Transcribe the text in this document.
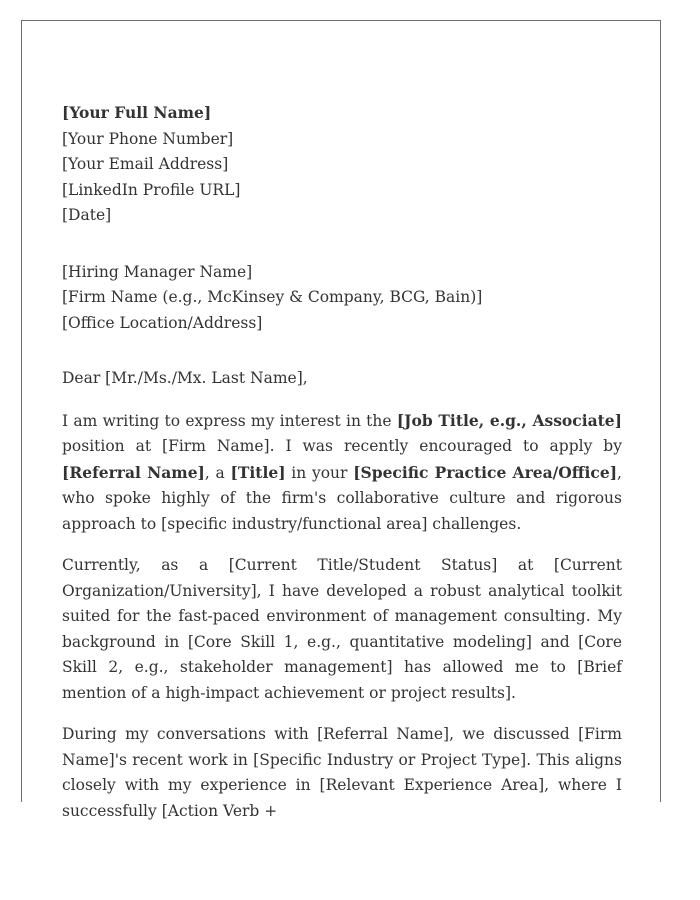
[Your Full Name]
[Your Phone Number]
[Your Email Address]
[LinkedIn Profile URL]
[Date]
[Hiring Manager Name]
[Firm Name (e.g., McKinsey & Company, BCG, Bain)]
[Office Location/Address]

Dear [Mr./Ms./Mx. Last Name],

I am writing to express my interest in the [Job Title, e.g., Associate] position at [Firm Name]. I was recently encouraged to apply by [Referral Name], a [Title] in your [Specific Practice Area/Office], who spoke highly of the firm's collaborative culture and rigorous approach to [specific industry/functional area] challenges.

Currently, as a [Current Title/Student Status] at [Current Organization/University], I have developed a robust analytical toolkit suited for the fast-paced environment of management consulting. My background in [Core Skill 1, e.g., quantitative modeling] and [Core Skill 2, e.g., stakeholder management] has allowed me to [Brief mention of a high-impact achievement or project results].

During my conversations with [Referral Name], we discussed [Firm Name]'s recent work in [Specific Industry or Project Type]. This aligns closely with my experience in [Relevant Experience Area], where I successfully [Action Verb +
